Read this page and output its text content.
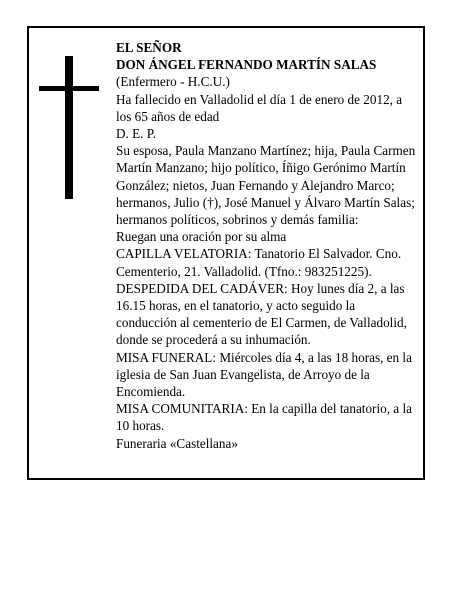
EL SEÑOR

DON ÁNGEL FERNANDO MARTÍN SALAS

(Enfermero - H.C.U.)

Ha fallecido en Valladolid el día 1 de enero de 2012, a los 65 años de edad

D. E. P.

Su esposa, Paula Manzano Martínez; hija, Paula Carmen Martín Manzano; hijo político, Íñigo Gerónimo Martín González; nietos, Juan Fernando y Alejandro Marco; hermanos, Julio (†), José Manuel y Álvaro Martín Salas; hermanos políticos, sobrinos y demás familia:

Ruegan una oración por su alma

CAPILLA VELATORIA: Tanatorio El Salvador. Cno. Cementerio, 21. Valladolid. (Tfno.: 983251225).

DESPEDIDA DEL CADÁVER: Hoy lunes día 2, a las 16.15 horas, en el tanatorio, y acto seguido la conducción al cementerio de El Carmen, de Valladolid, donde se procederá a su inhumación.

MISA FUNERAL: Miércoles día 4, a las 18 horas, en la iglesia de San Juan Evangelista, de Arroyo de la Encomienda.

MISA COMUNITARIA: En la capilla del tanatorio, a la 10 horas.

Funeraria «Castellana»
